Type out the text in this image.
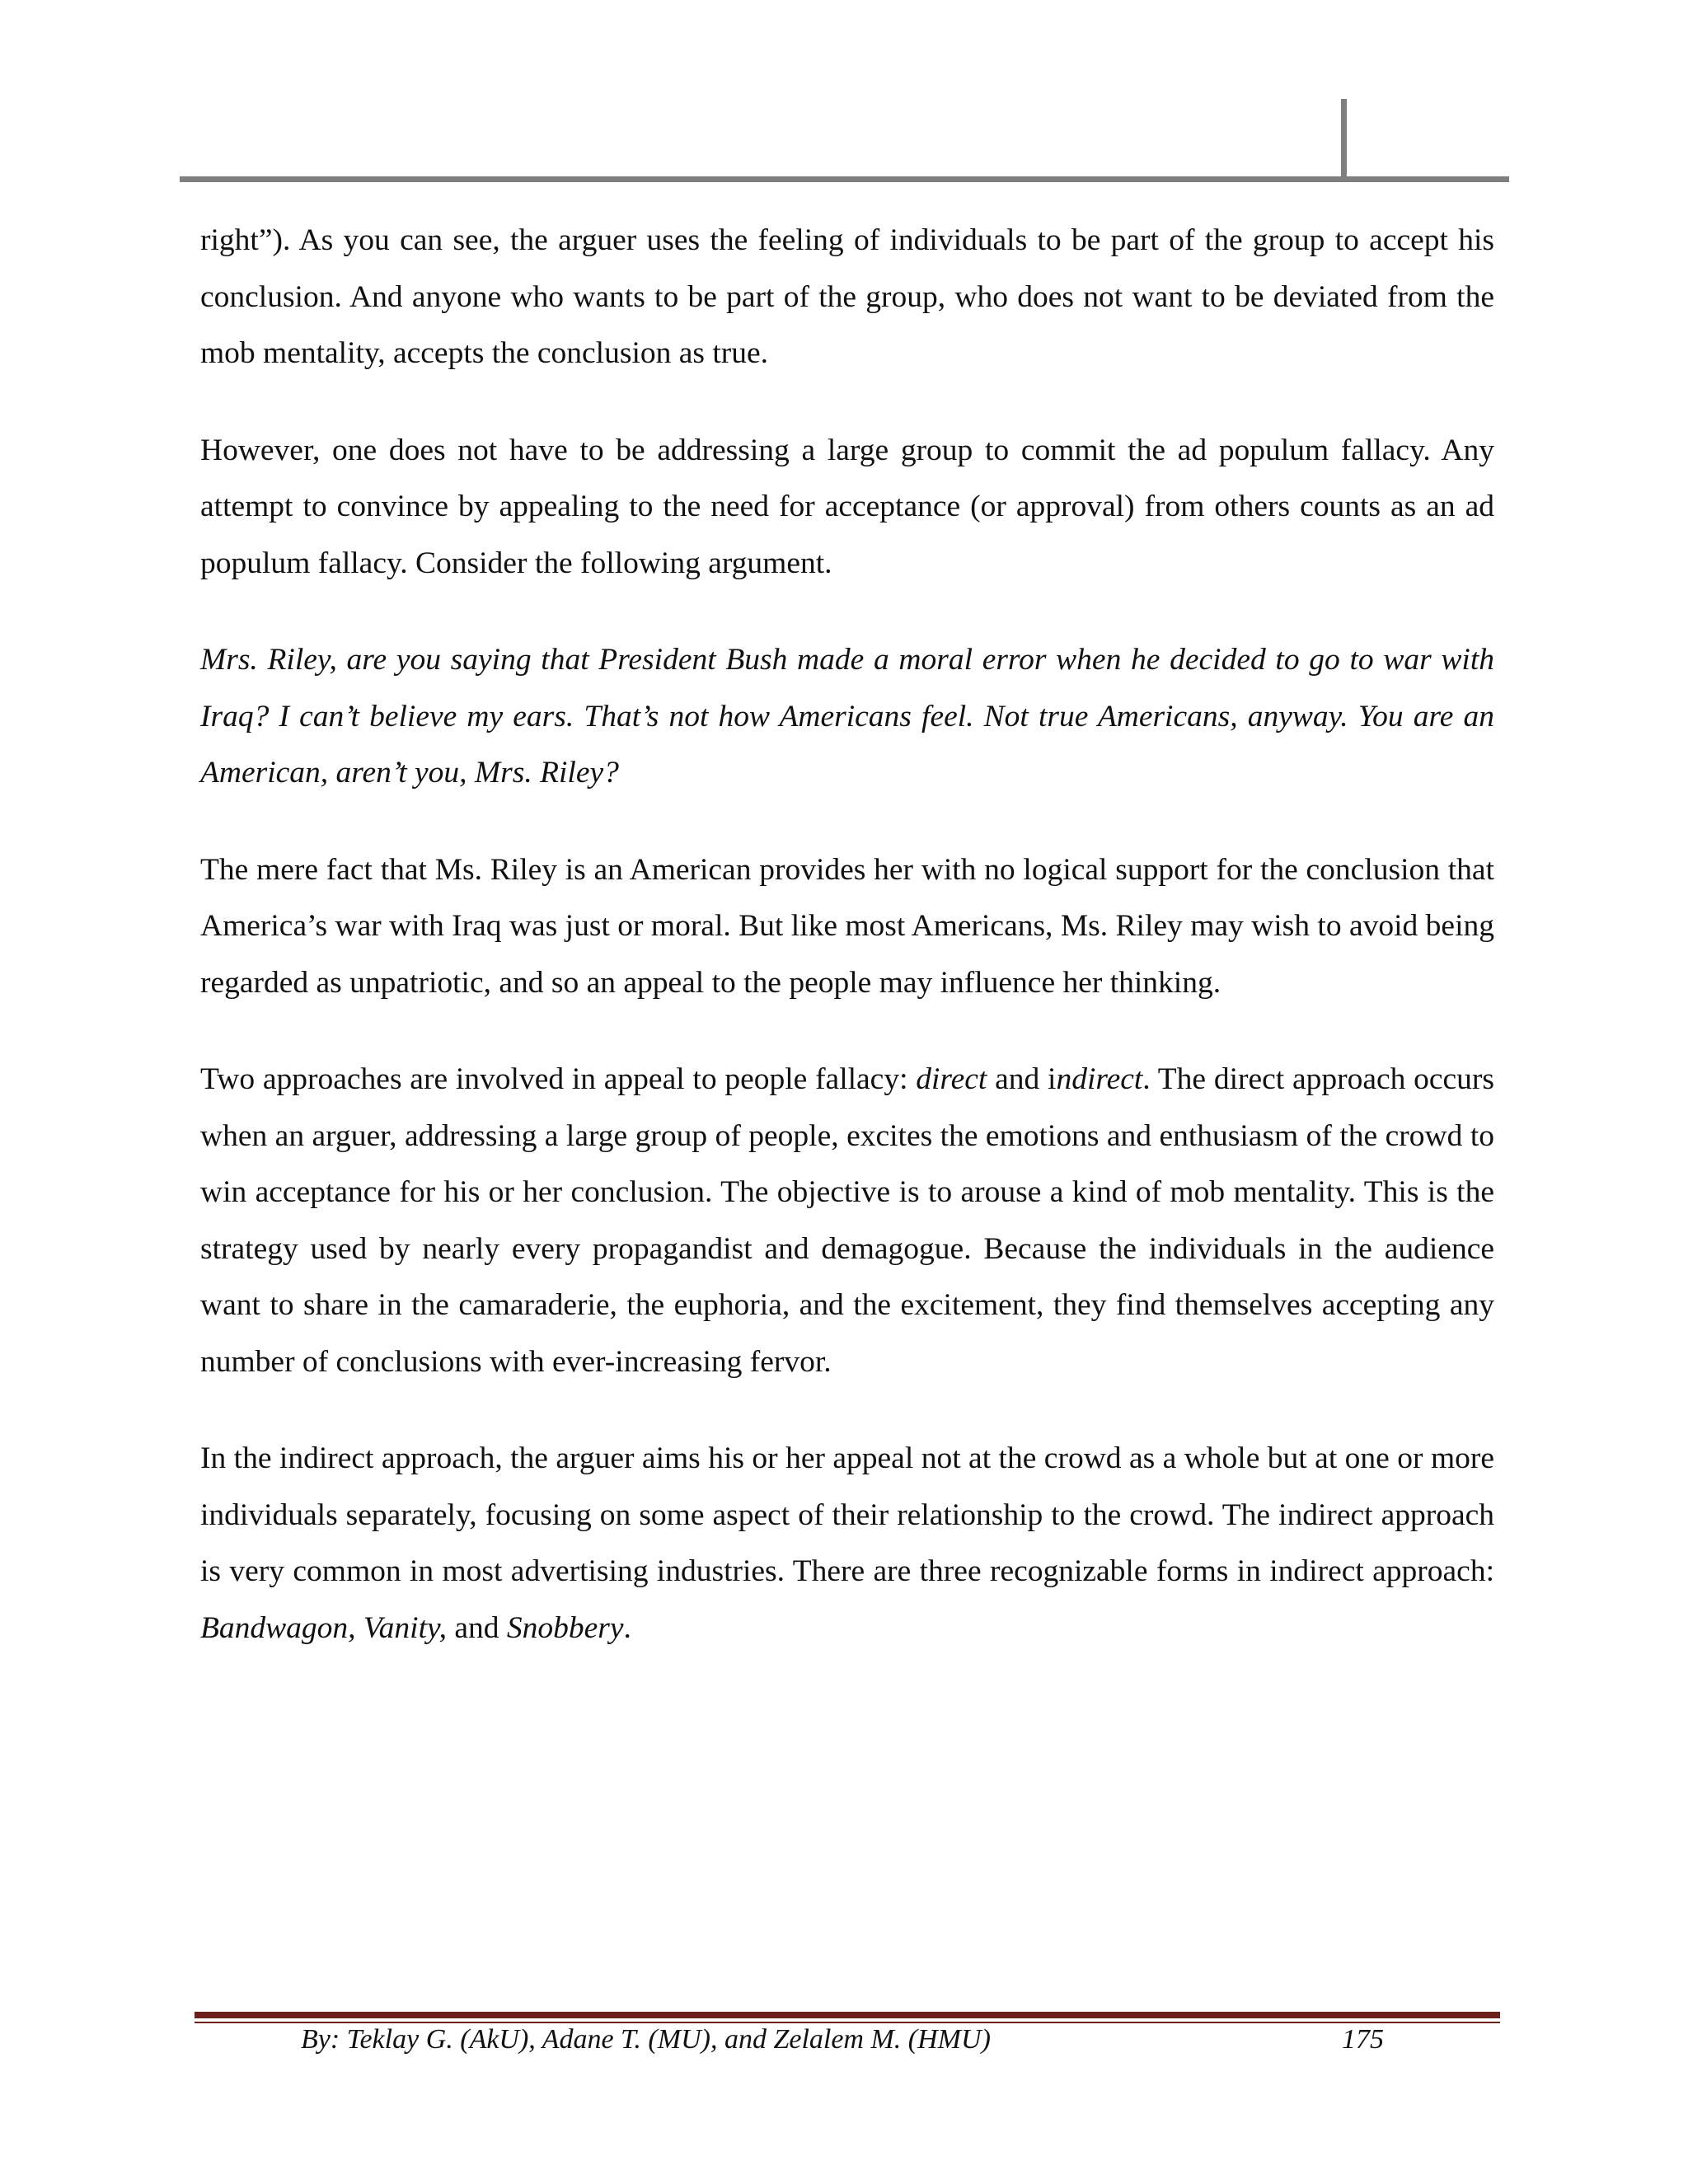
right”). As you can see, the arguer uses the feeling of individuals to be part of the group to accept his conclusion. And anyone who wants to be part of the group, who does not want to be deviated from the mob mentality, accepts the conclusion as true.

However, one does not have to be addressing a large group to commit the ad populum fallacy. Any attempt to convince by appealing to the need for acceptance (or approval) from others counts as an ad populum fallacy. Consider the following argument.

Mrs. Riley, are you saying that President Bush made a moral error when he decided to go to war with Iraq? I can’t believe my ears. That’s not how Americans feel. Not true Americans, anyway. You are an American, aren’t you, Mrs. Riley?

The mere fact that Ms. Riley is an American provides her with no logical support for the conclusion that America’s war with Iraq was just or moral. But like most Americans, Ms. Riley may wish to avoid being regarded as unpatriotic, and so an appeal to the people may influence her thinking.

Two approaches are involved in appeal to people fallacy: direct and indirect. The direct approach occurs when an arguer, addressing a large group of people, excites the emotions and enthusiasm of the crowd to win acceptance for his or her conclusion. The objective is to arouse a kind of mob mentality. This is the strategy used by nearly every propagandist and demagogue. Because the individuals in the audience want to share in the camaraderie, the euphoria, and the excitement, they find themselves accepting any number of conclusions with ever-increasing fervor.

In the indirect approach, the arguer aims his or her appeal not at the crowd as a whole but at one or more individuals separately, focusing on some aspect of their relationship to the crowd. The indirect approach is very common in most advertising industries. There are three recognizable forms in indirect approach: Bandwagon, Vanity, and Snobbery.

By: Teklay G. (AkU), Adane T. (MU), and Zelalem M. (HMU)	175
